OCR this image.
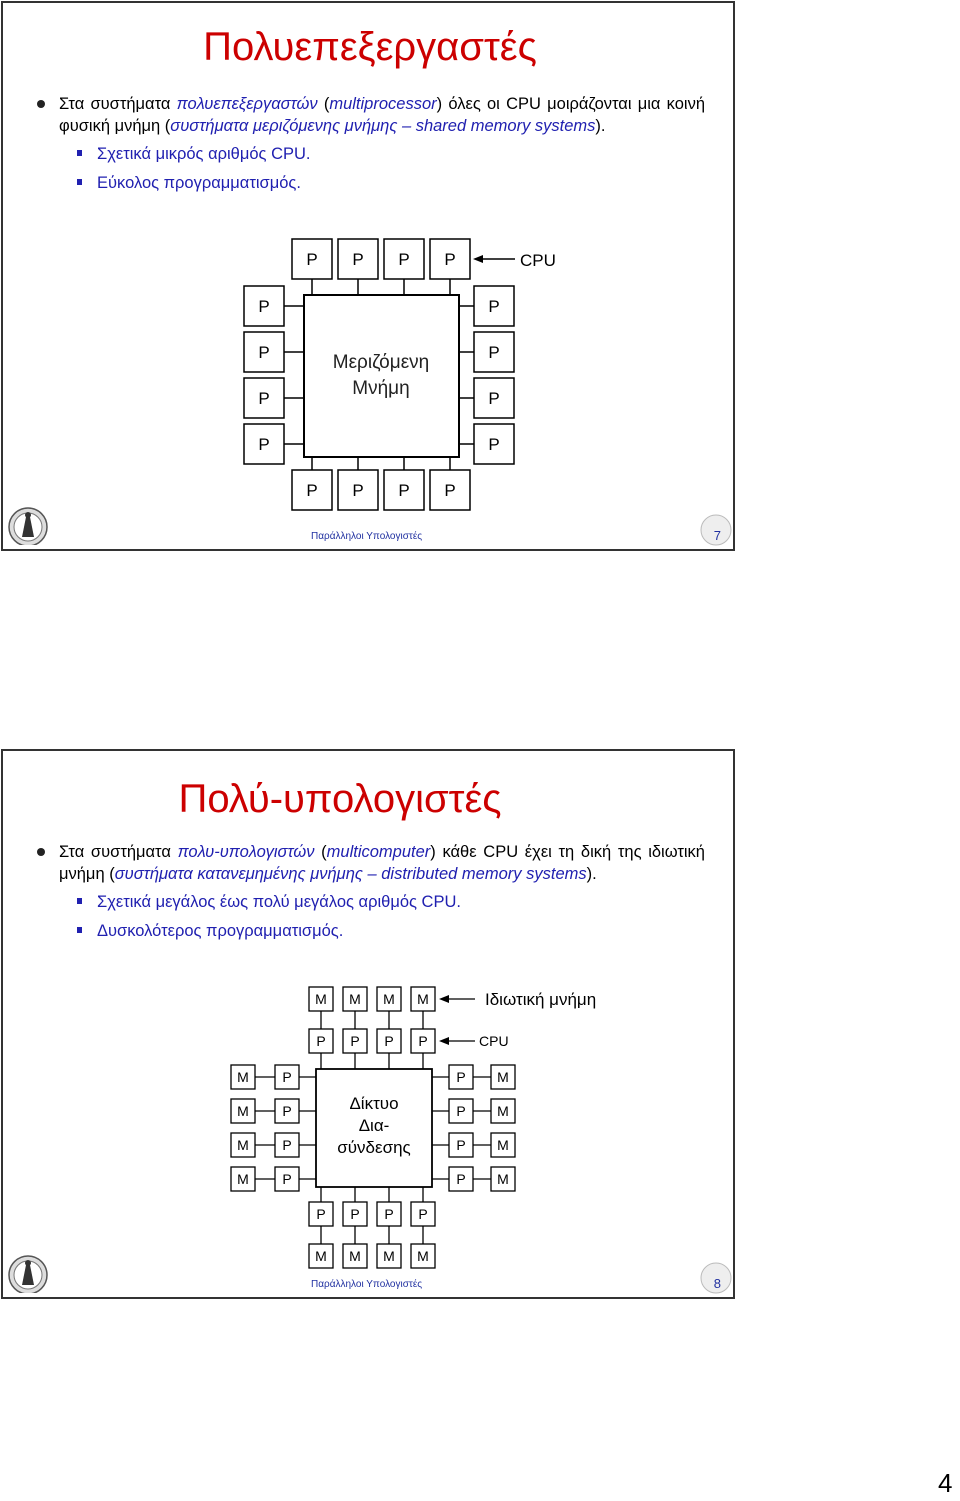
Πολυεπεξεργαστές
Στα συστήματα πολυεπεξεργαστών (multiprocessor) όλες οι CPU μοιράζονται μια κοινή φυσική μνήμη (συστήματα μεριζόμενης μνήμης – shared memory systems).
Σχετικά μικρός αριθμός CPU.
Εύκολος προγραμματισμός.
P P P P
P P P P
P
P
P
P
P
P
P
P
CPU
Μεριζόμενη
Μνήμη
Παράλληλοι Υπολογιστές	7
Πολύ-υπολογιστές
Στα συστήματα πολυ-υπολογιστών (multicomputer) κάθε CPU έχει τη δική της ιδιωτική μνήμη (συστήματα κατανεμημένης μνήμης – distributed memory systems).
Σχετικά μεγάλος έως πολύ μεγάλος αριθμός CPU.
Δυσκολότερος προγραμματισμός.
M
P
P
M
M
P
P
M
M
P
P
M
M
P
P
M
M P	P M
M P	P M
M P	P M
M P	P M
Ιδιωτική μνήμη
CPU
Δίκτυο
Δια-
σύνδεσης
Παράλληλοι Υπολογιστές	8
4
